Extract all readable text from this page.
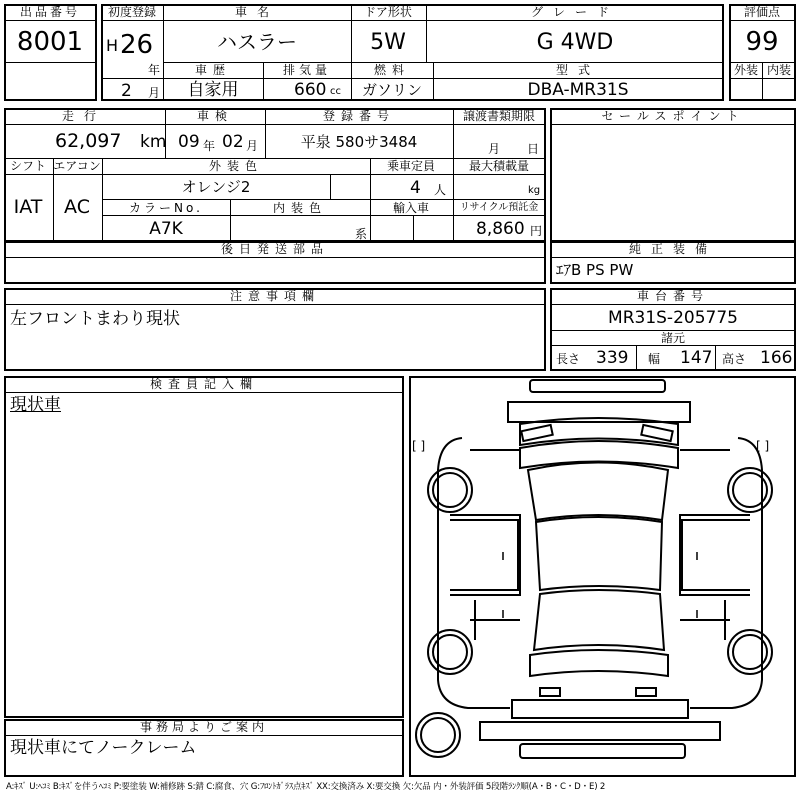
出品番号
8001
初度登録
H 26
年
2 月
車名
ハスラー
ドア形状
5W
グレード
G 4WD
車歴
自家用
排気量
660 cc
燃料
ガソリン
型式
DBA-MR31S
評価点
99
外装 内装
走行
62,097 km
車検
09 年 02 月
登録番号
平泉 580サ3484
譲渡書類期限
月 日
シフト
IAT
エアコン
AC
外装色
オレンジ2
乗車定員
4 人
最大積載量
kg
カラーNo.
A7K
内装色
系
輸入車	リサイクル預託金
8,860 円
後日発送部品
セールスポイント
純正装備
ｴｱB PS PW
車台番号
MR31S-205775
諸元
長さ 339 幅 147 高さ 166
注意事項欄
左フロントまわり現状
検査員記入欄
現状車
事務局よりご案内
現状車にてノークレーム
[ ]	[ ]
A:ｷｽﾞ U:ﾍｺﾐ B:ｷｽﾞを伴うﾍｺﾐ P:要塗装 W:補修跡 S:錆 C:腐食、穴 G:ﾌﾛﾝﾄｶﾞﾗｽ点ｷｽﾞ XX:交換済み X:要交換 欠:欠品 内・外装評価 5段階ﾗﾝｸ順(A・B・C・D・E) 2
